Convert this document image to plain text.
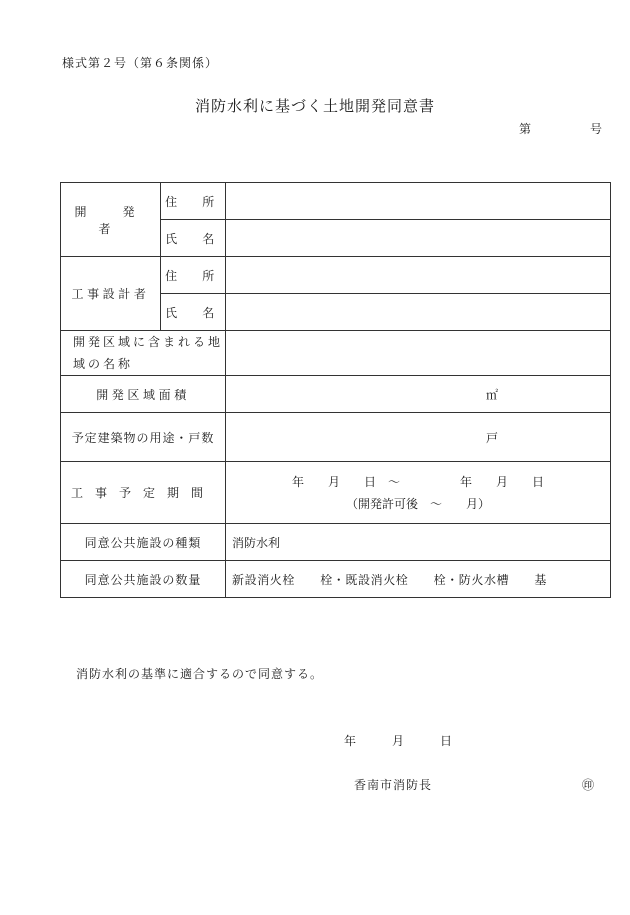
様式第２号（第６条関係）
消防水利に基づく土地開発同意書
第	号
開　発　者	住　所	
	氏　名	
工事設計者	住　所	
	氏　名	
開発区域に含まれる地域の名称		
開発区域面積		㎡
予定建築物の用途・戸数		戸
工事予定期間		年　　月　　日　～　　　　　年　　月　　日
（開発許可後　～　　月）

同意公共施設の種類		消防水利
同意公共施設の数量		新設消火栓　　栓・既設消火栓　　栓・防火水槽　　基
消防水利の基準に適合するので同意する。
年　　　月　　　日
香南市消防長	㊞
